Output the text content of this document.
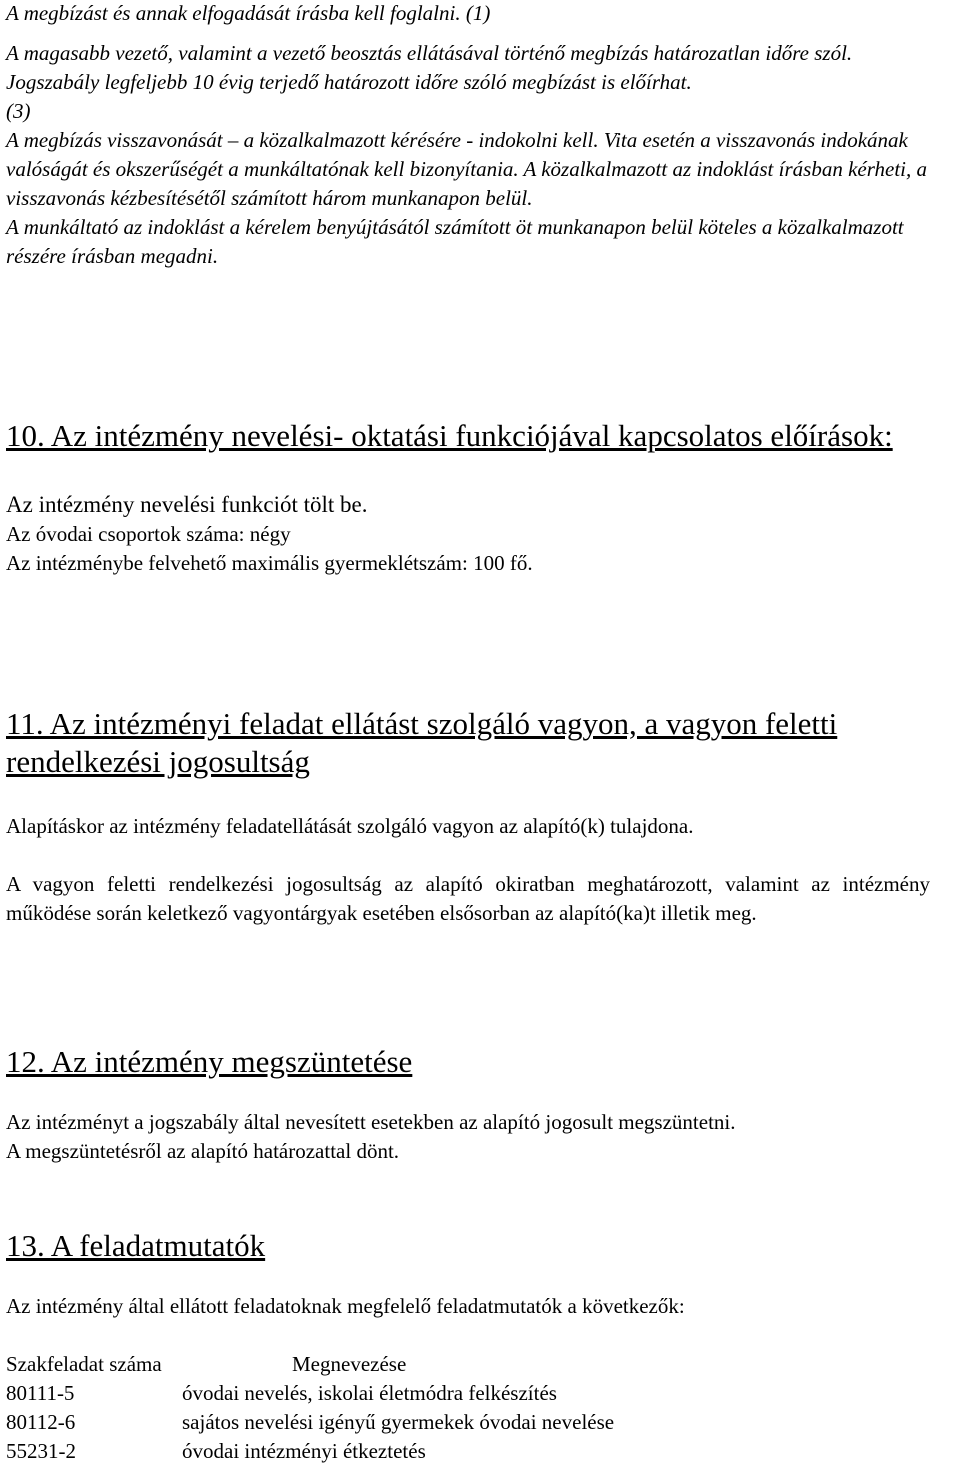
A megbízást és annak elfogadását írásba kell foglalni. (1)

A magasabb vezető, valamint a vezető beosztás ellátásával történő megbízás határozatlan időre szól. Jogszabály legfeljebb 10 évig terjedő határozott időre szóló megbízást is előírhat.

(3)

A megbízás visszavonását – a közalkalmazott kérésére - indokolni kell. Vita esetén a visszavonás indokának valóságát és okszerűségét a munkáltatónak kell bizonyítania. A közalkalmazott az indoklást írásban kérheti, a visszavonás kézbesítésétől számított három munkanapon belül.

A munkáltató az indoklást a kérelem benyújtásától számított öt munkanapon belül köteles a közalkalmazott részére írásban megadni.

10. Az intézmény nevelési- oktatási funkciójával kapcsolatos előírások:

Az intézmény nevelési funkciót tölt be.

Az óvodai csoportok száma: négy

Az intézménybe felvehető maximális gyermeklétszám: 100 fő.

11. Az intézményi feladat ellátást szolgáló vagyon, a vagyon feletti rendelkezési jogosultság

Alapításkor az intézmény feladatellátását szolgáló vagyon az alapító(k) tulajdona.

A vagyon feletti rendelkezési jogosultság az alapító okiratban meghatározott, valamint az intézmény működése során keletkező vagyontárgyak esetében elsősorban az alapító(ka)t illetik meg.

12. Az intézmény megszüntetése

Az intézményt a jogszabály által nevesített esetekben az alapító jogosult megszüntetni.

A megszüntetésről az alapító határozattal dönt.

13. A feladatmutatók

Az intézmény által ellátott feladatoknak megfelelő feladatmutatók a következők:

Szakfeladat száma	Megnevezése
80111-5	óvodai nevelés, iskolai életmódra felkészítés
80112-6	sajátos nevelési igényű gyermekek óvodai nevelése
55231-2	óvodai intézményi étkeztetés
